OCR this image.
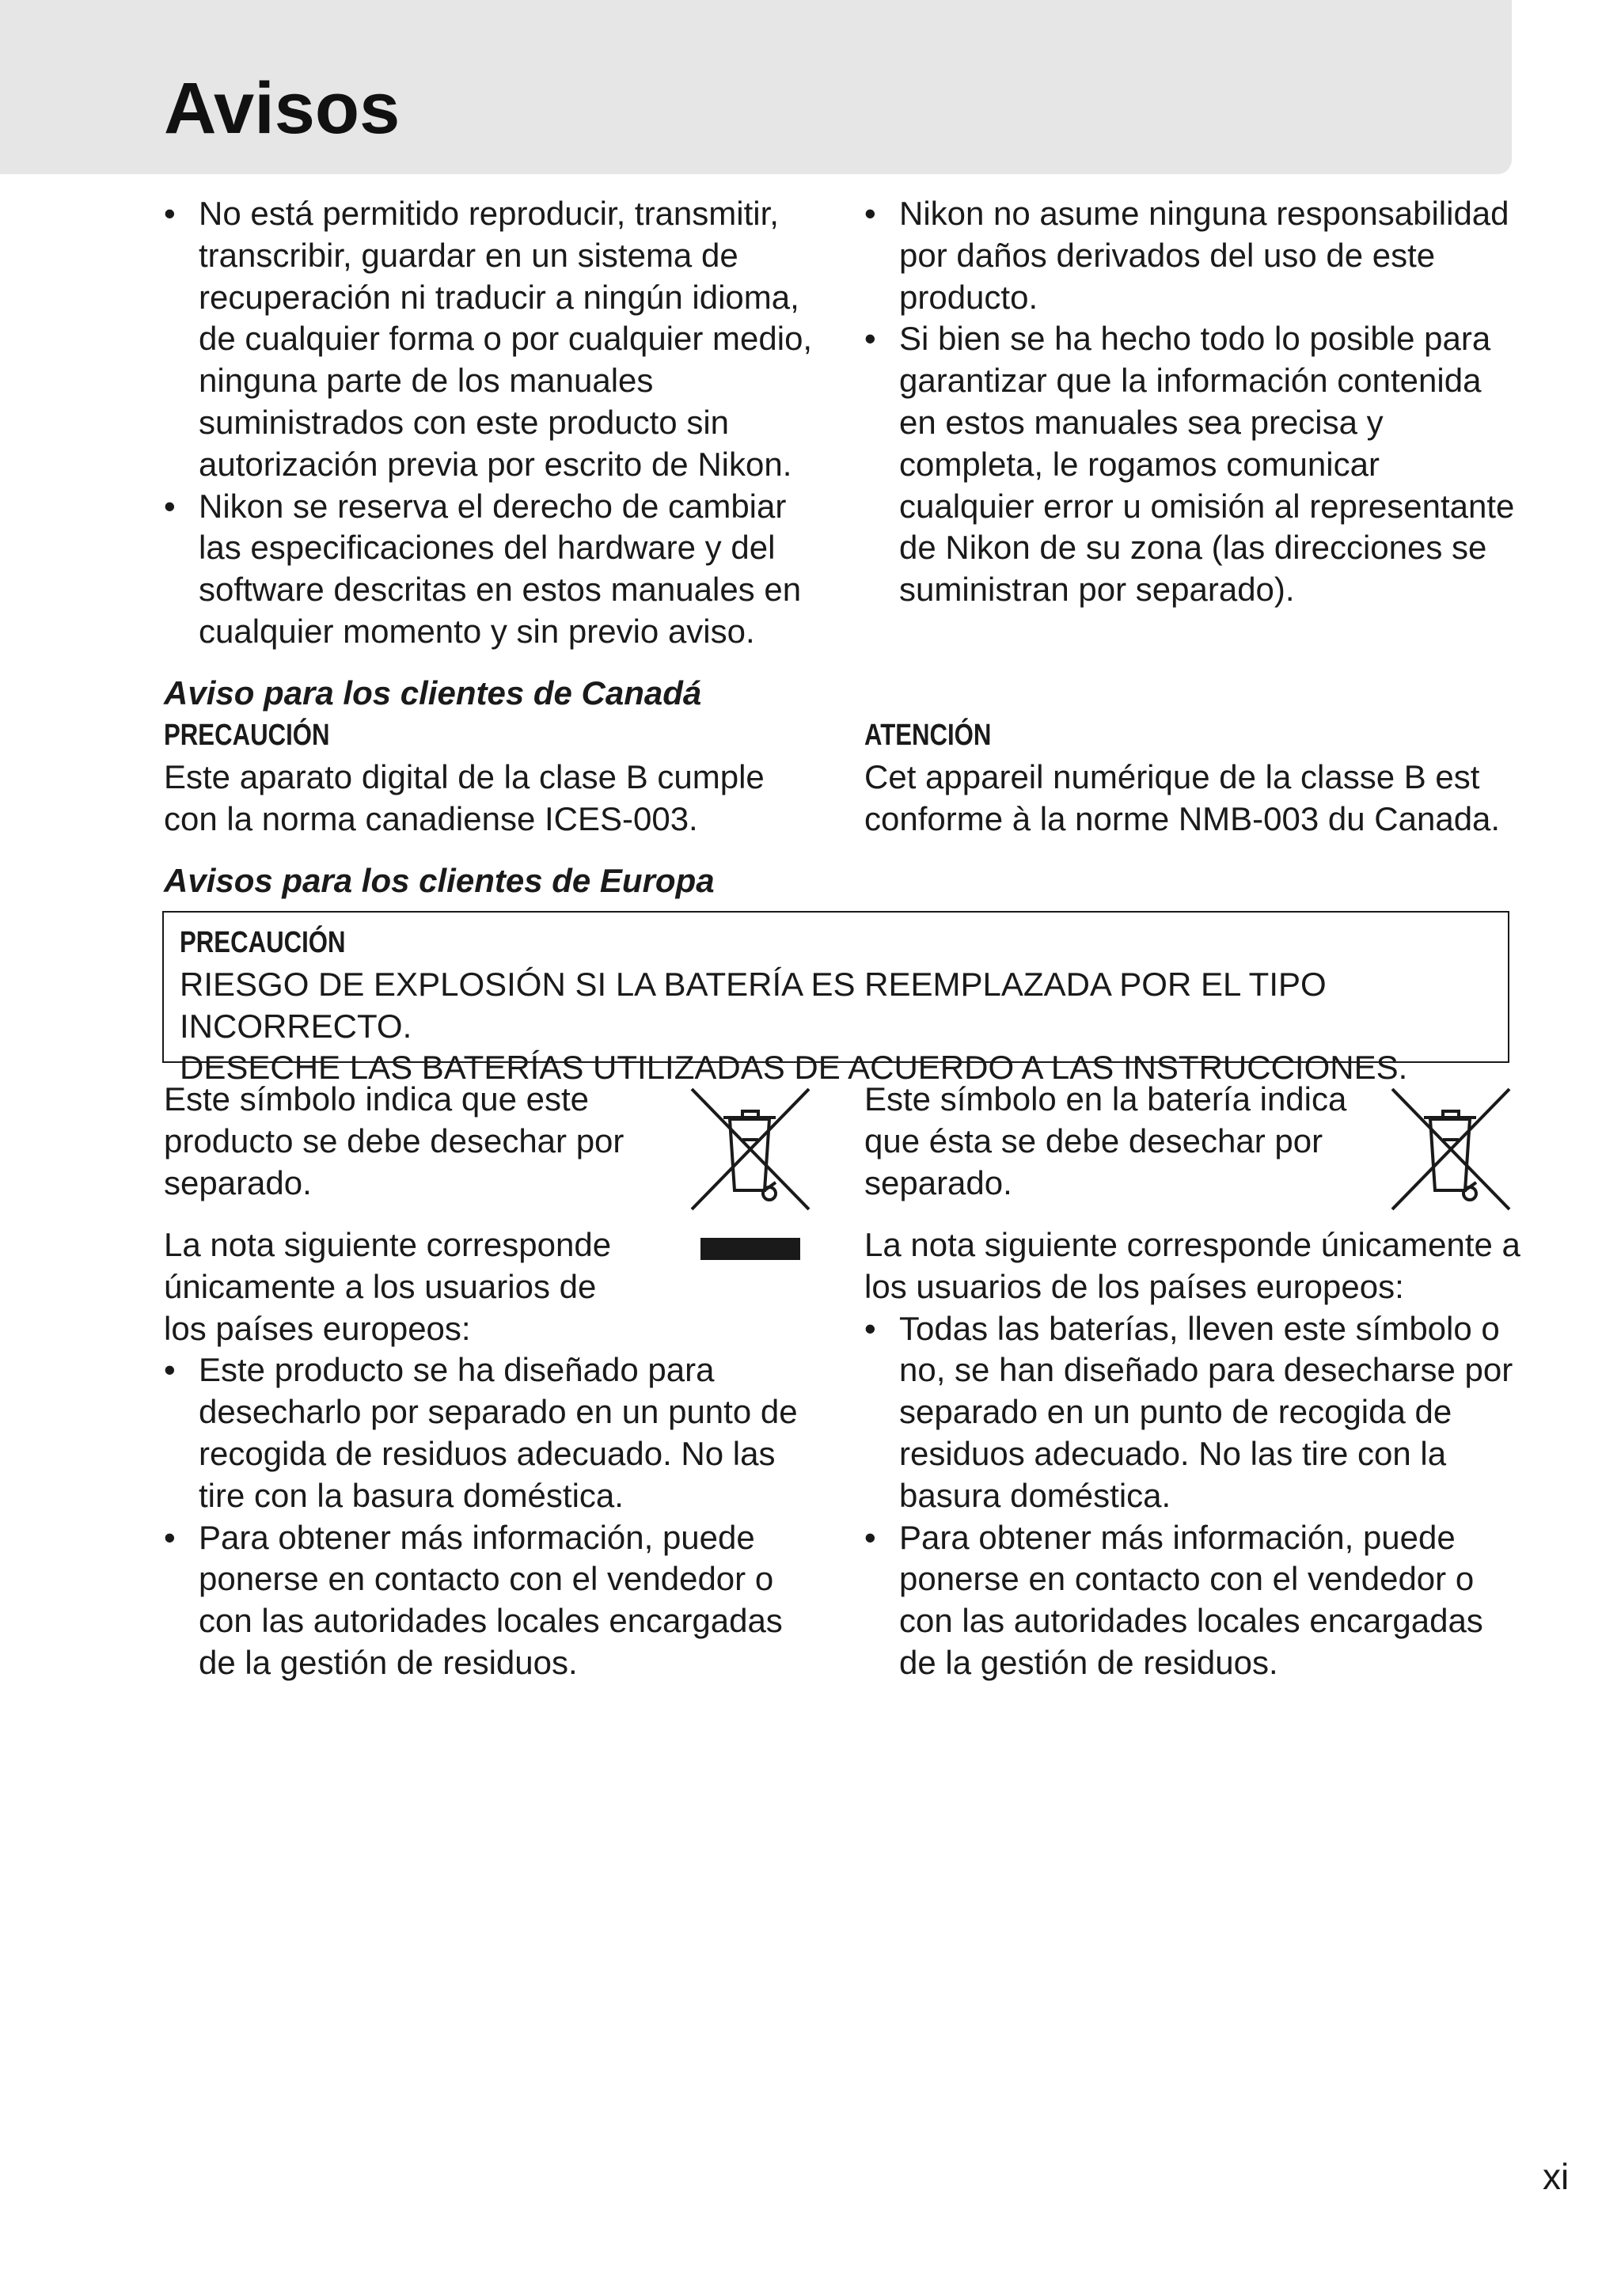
Avisos
• No está permitido reproducir, transmitir, transcribir, guardar en un sistema de recuperación ni traducir a ningún idioma, de cualquier forma o por cualquier medio, ninguna parte de los manuales suministrados con este producto sin autorización previa por escrito de Nikon.
• Nikon se reserva el derecho de cambiar las especificaciones del hardware y del software descritas en estos manuales en cualquier momento y sin previo aviso.
• Nikon no asume ninguna responsabilidad por daños derivados del uso de este producto.
• Si bien se ha hecho todo lo posible para garantizar que la información contenida en estos manuales sea precisa y completa, le rogamos comunicar cualquier error u omisión al representante de Nikon de su zona (las direcciones se suministran por separado).
Aviso para los clientes de Canadá
PRECAUCIÓN

Este aparato digital de la clase B cumple con la norma canadiense ICES-003.

ATENCIÓN

Cet appareil numérique de la classe B est conforme à la norme NMB-003 du Canada.

Avisos para los clientes de Europa
PRECAUCIÓN

RIESGO DE EXPLOSIÓN SI LA BATERÍA ES REEMPLAZADA POR EL TIPO INCORRECTO.

DESECHE LAS BATERÍAS UTILIZADAS DE ACUERDO A LAS INSTRUCCIONES.

Este símbolo indica que este producto se debe desechar por separado.

La nota siguiente corresponde únicamente a los usuarios de los países europeos:

• Este producto se ha diseñado para desecharlo por separado en un punto de recogida de residuos adecuado. No las tire con la basura doméstica.
• Para obtener más información, puede ponerse en contacto con el vendedor o con las autoridades locales encargadas de la gestión de residuos.

Este símbolo en la batería indica que ésta se debe desechar por separado.

La nota siguiente corresponde únicamente a los usuarios de los países europeos:

• Todas las baterías, lleven este símbolo o no, se han diseñado para desecharse por separado en un punto de recogida de residuos adecuado. No las tire con la basura doméstica.
• Para obtener más información, puede ponerse en contacto con el vendedor o con las autoridades locales encargadas de la gestión de residuos.
xi
